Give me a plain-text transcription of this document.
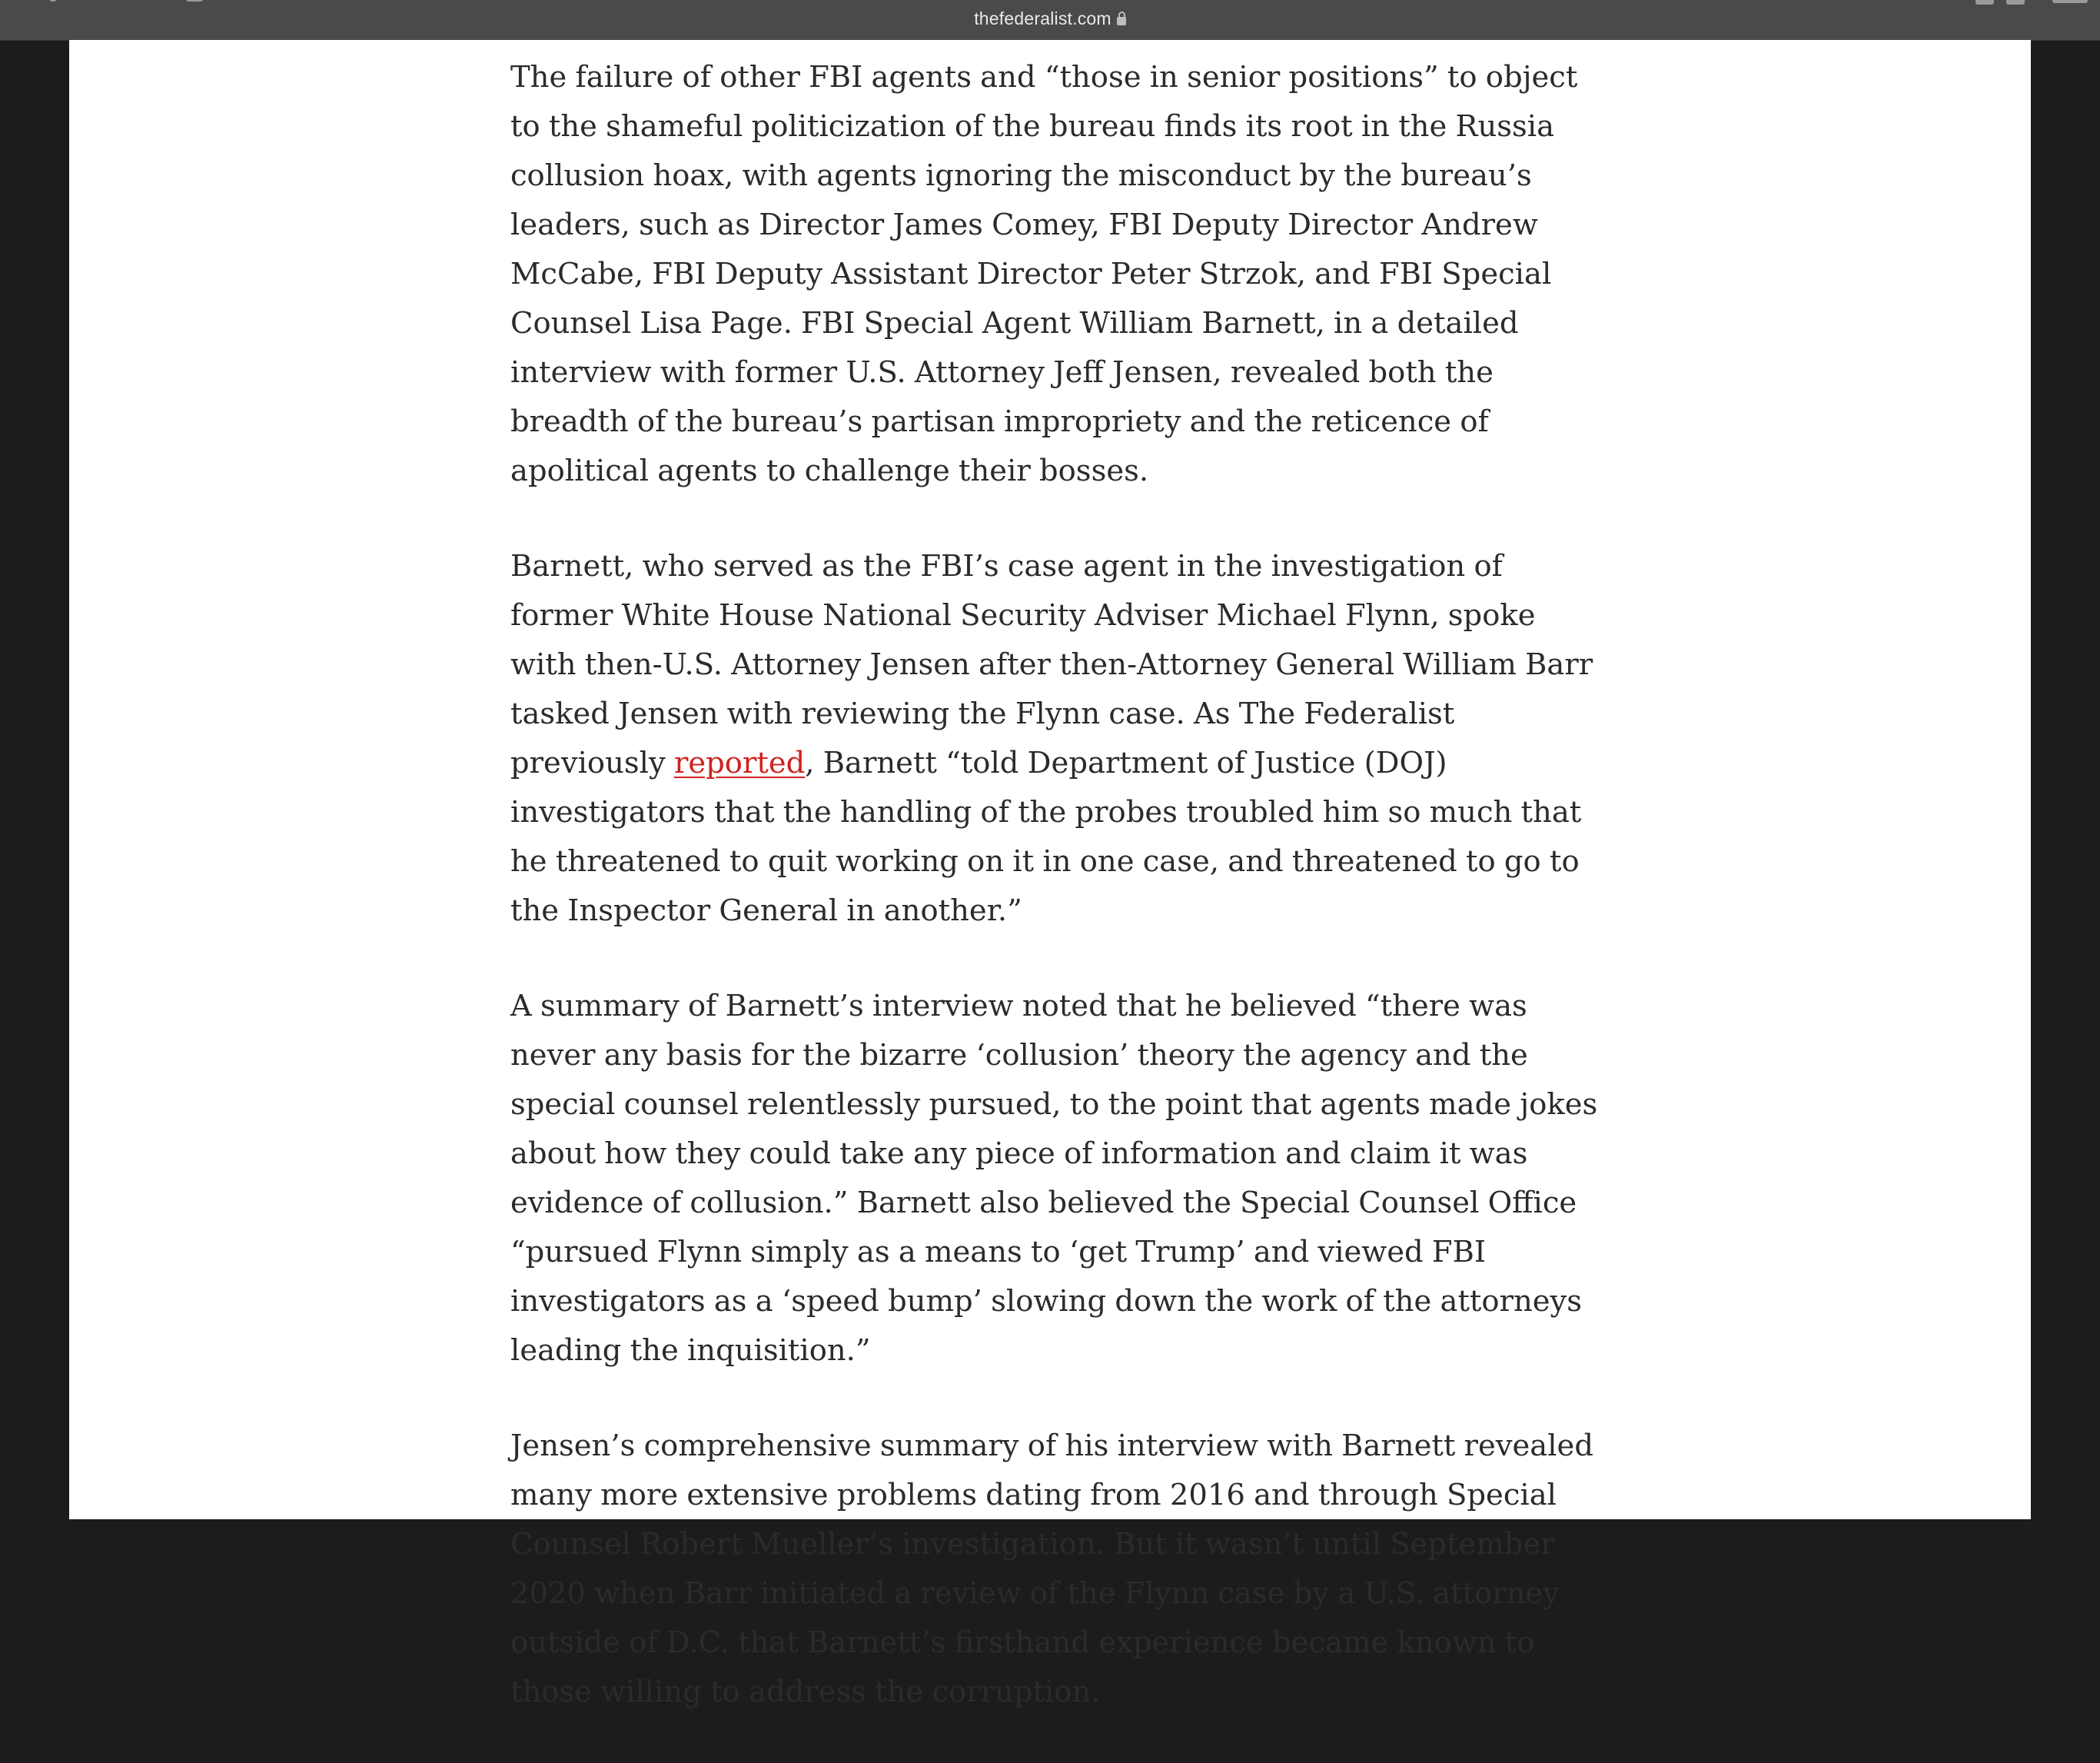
thefederalist.com

The failure of other FBI agents and “those in senior positions” to object to the shameful politicization of the bureau finds its root in the Russia collusion hoax, with agents ignoring the misconduct by the bureau’s leaders, such as Director James Comey, FBI Deputy Director Andrew McCabe, FBI Deputy Assistant Director Peter Strzok, and FBI Special Counsel Lisa Page. FBI Special Agent William Barnett, in a detailed interview with former U.S. Attorney Jeff Jensen, revealed both the breadth of the bureau’s partisan impropriety and the reticence of apolitical agents to challenge their bosses.

Barnett, who served as the FBI’s case agent in the investigation of former White House National Security Adviser Michael Flynn, spoke with then-U.S. Attorney Jensen after then-Attorney General William Barr tasked Jensen with reviewing the Flynn case. As The Federalist previously reported, Barnett “told Department of Justice (DOJ) investigators that the handling of the probes troubled him so much that he threatened to quit working on it in one case, and threatened to go to the Inspector General in another.”

A summary of Barnett’s interview noted that he believed “there was never any basis for the bizarre ‘collusion’ theory the agency and the special counsel relentlessly pursued, to the point that agents made jokes about how they could take any piece of information and claim it was evidence of collusion.” Barnett also believed the Special Counsel Office “pursued Flynn simply as a means to ‘get Trump’ and viewed FBI investigators as a ‘speed bump’ slowing down the work of the attorneys leading the inquisition.”

Jensen’s comprehensive summary of his interview with Barnett revealed many more extensive problems dating from 2016 and through Special Counsel Robert Mueller’s investigation. But it wasn’t until September 2020 when Barr initiated a review of the Flynn case by a U.S. attorney outside of D.C. that Barnett’s firsthand experience became known to those willing to address the corruption.
